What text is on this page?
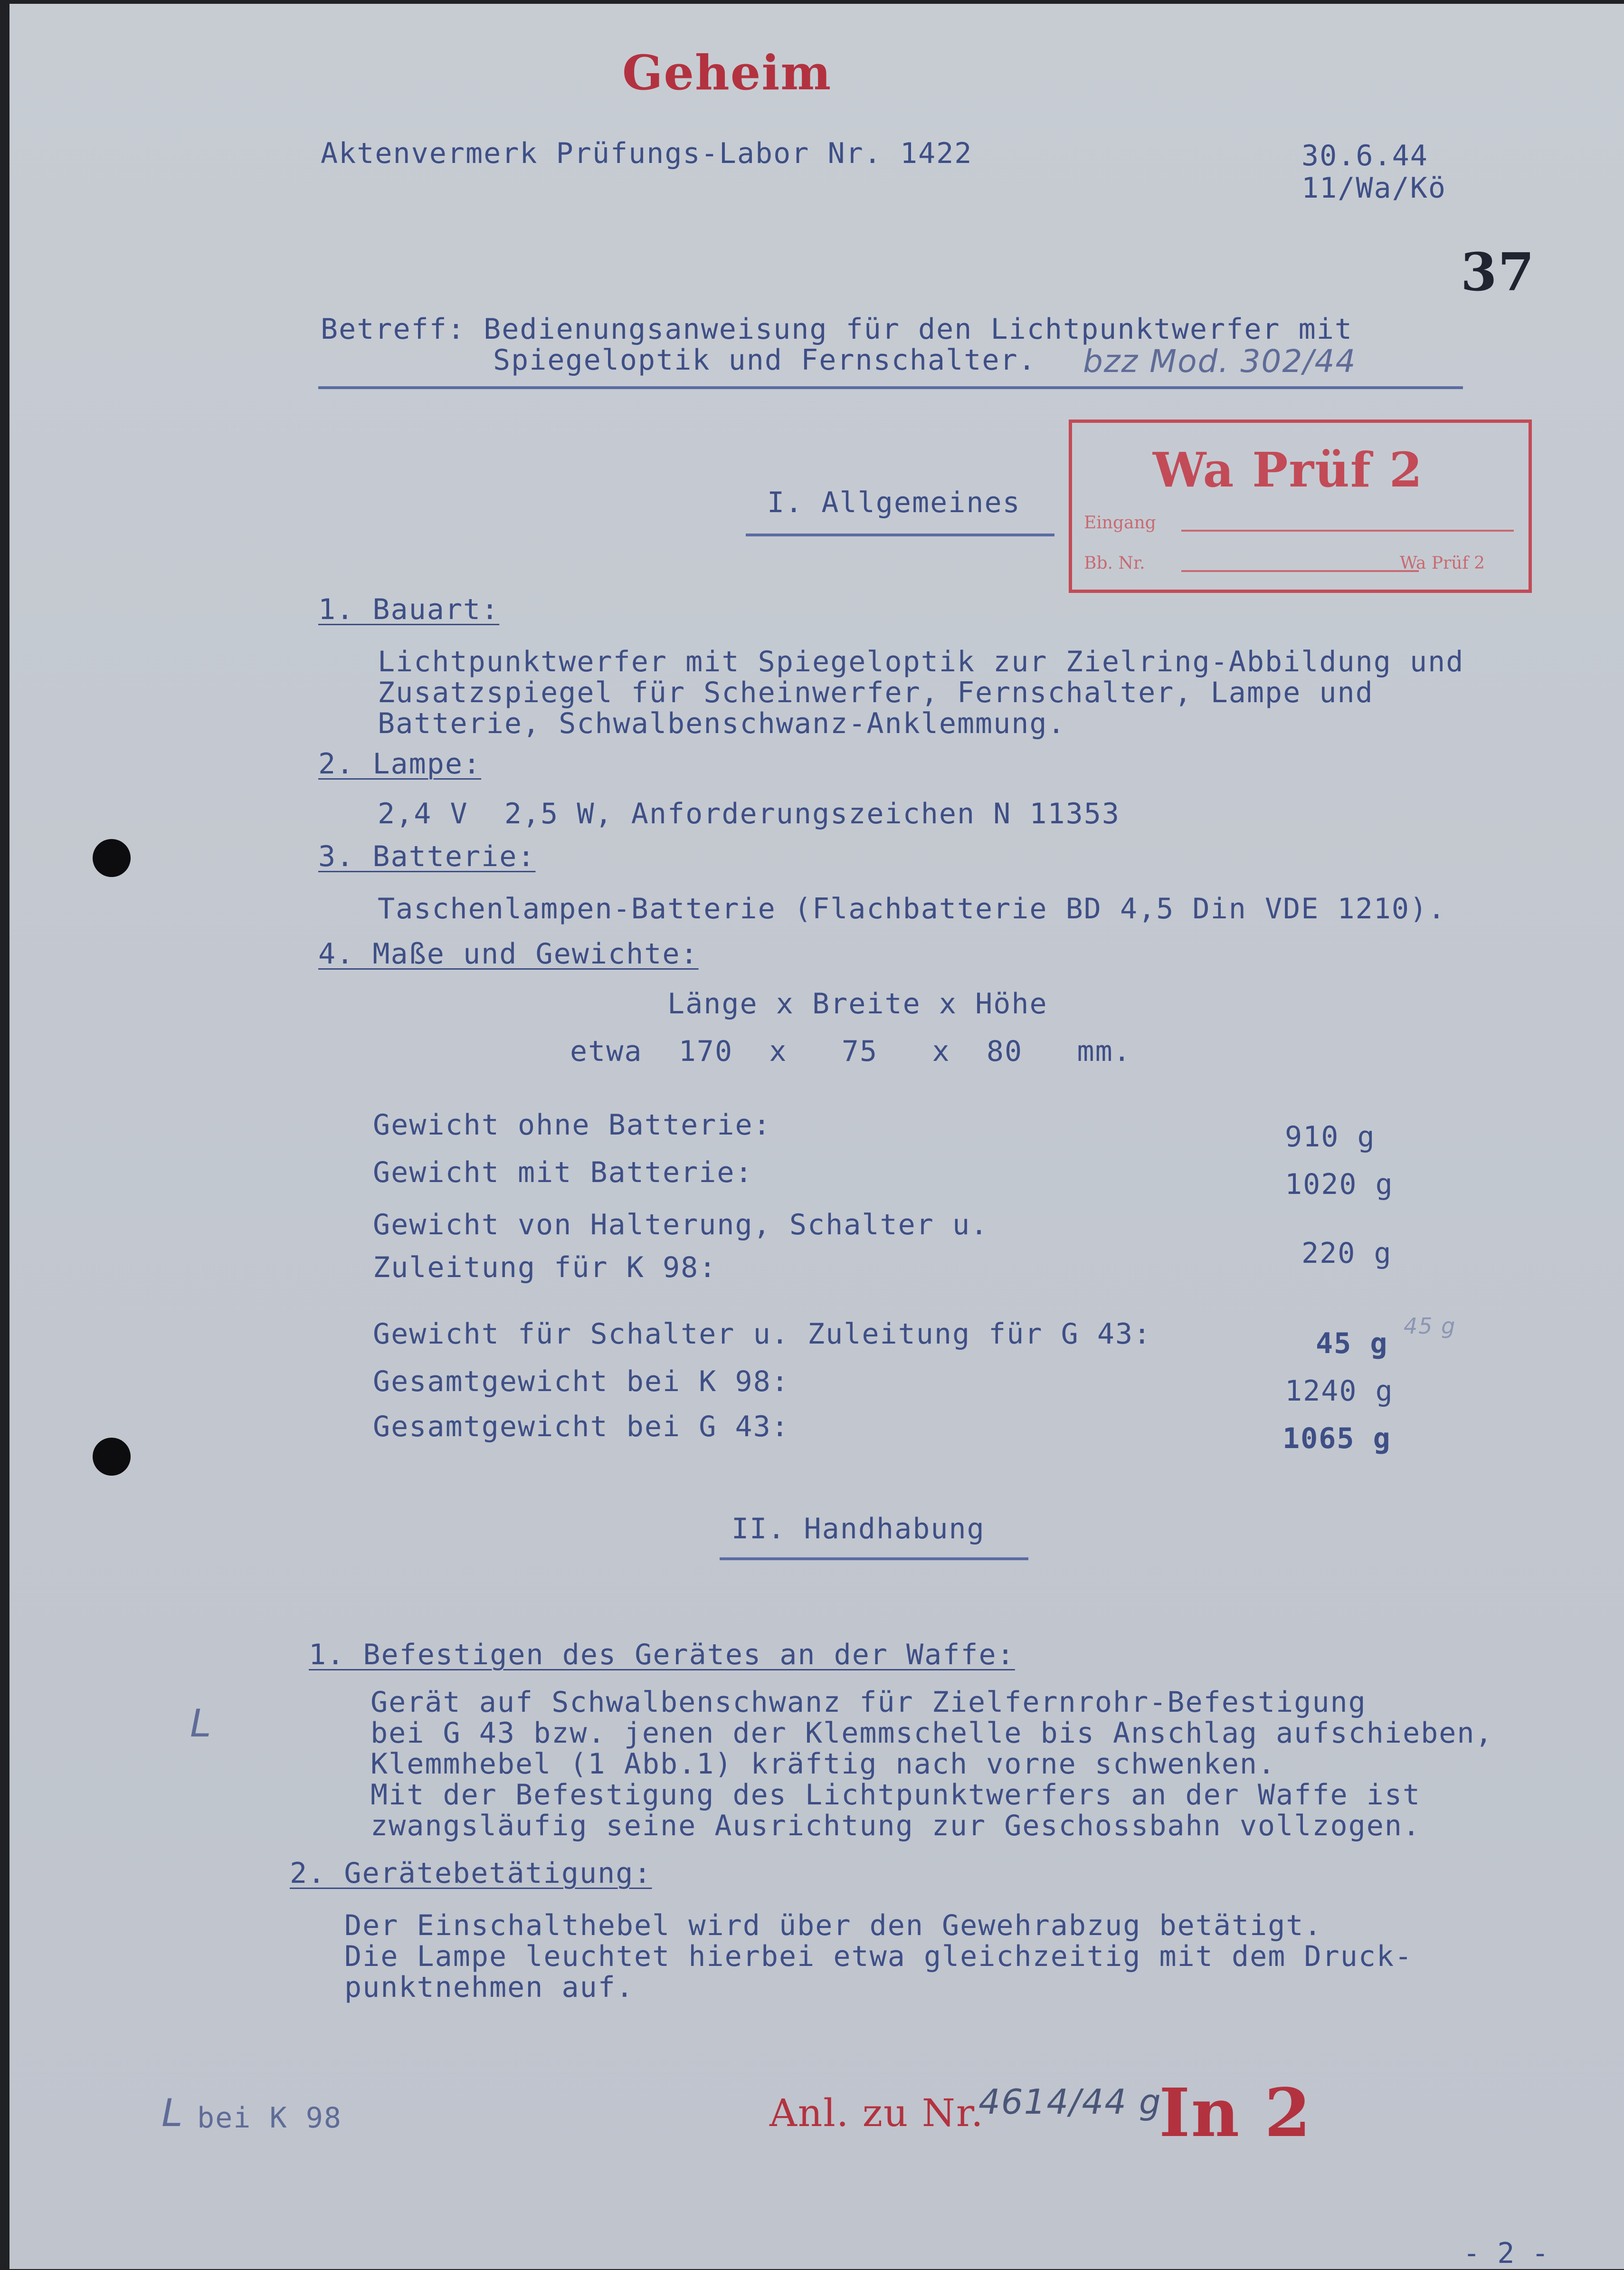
Geheim
Aktenvermerk Prüfungs-Labor Nr. 1422	30.6.44
11/Wa/Kö
37
Betreff: Bedienungsanweisung für den Lichtpunktwerfer mit
Spiegeloptik und Fernschalter. bzz Mod. 302/44
Wa Prüf 2
Eingang
Bb. Nr.	Wa Prüf 2
I. Allgemeines
1. Bauart:
Lichtpunktwerfer mit Spiegeloptik zur Zielring-Abbildung und
Zusatzspiegel für Scheinwerfer, Fernschalter, Lampe und
Batterie, Schwalbenschwanz-Anklemmung.
2. Lampe:
2,4 V  2,5 W, Anforderungszeichen N 11353
3. Batterie:
Taschenlampen-Batterie (Flachbatterie BD 4,5 Din VDE 1210).
4. Maße und Gewichte:
Länge x Breite x Höhe
etwa  170  x   75   x  80   mm.
Gewicht ohne Batterie:	910 g
Gewicht mit Batterie:	1020 g
Gewicht von Halterung, Schalter u.
Zuleitung für K 98:	220 g
Gewicht für Schalter u. Zuleitung für G 43:	45 g
45 g
Gesamtgewicht bei K 98:	1240 g
Gesamtgewicht bei G 43:	1065 g
II. Handhabung
1. Befestigen des Gerätes an der Waffe:
L	Gerät auf Schwalbenschwanz für Zielfernrohr-Befestigung
bei G 43 bzw. jenen der Klemmschelle bis Anschlag aufschieben,
Klemmhebel (1 Abb.1) kräftig nach vorne schwenken.
Mit der Befestigung des Lichtpunktwerfers an der Waffe ist
zwangsläufig seine Ausrichtung zur Geschossbahn vollzogen.
2. Gerätebetätigung:
Der Einschalthebel wird über den Gewehrabzug betätigt.
Die Lampe leuchtet hierbei etwa gleichzeitig mit dem Druck-
punktnehmen auf.
L bei K 98	Anl. zu Nr.
4614/44 g
In 2
- 2 -
